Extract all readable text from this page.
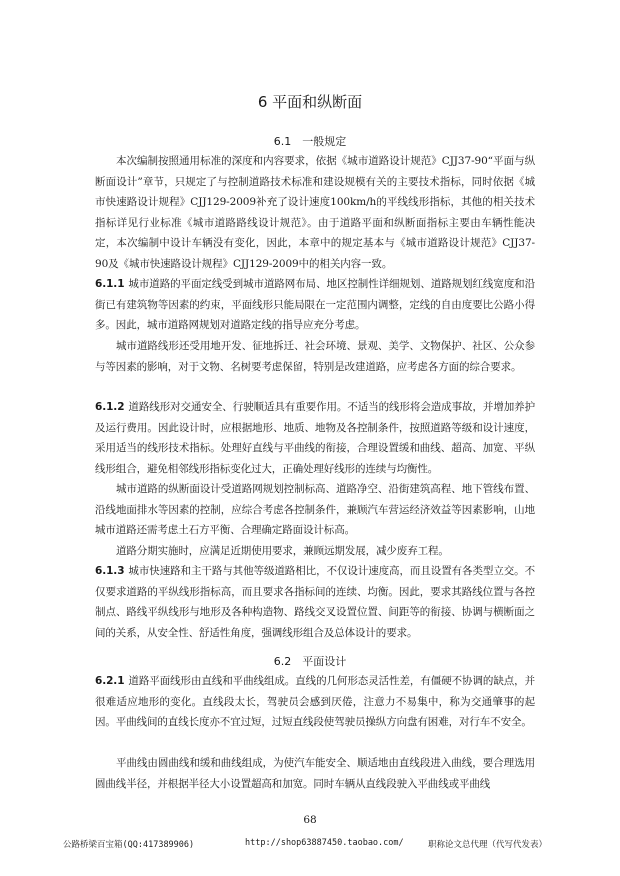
6 平面和纵断面
6.1　一般规定

本次编制按照通用标准的深度和内容要求，依据《城市道路设计规范》CJJ37-90“平面与纵断面设计”章节，只规定了与控制道路技术标准和建设规模有关的主要技术指标，同时依据《城市快速路设计规程》CJJ129-2009补充了设计速度100km/h的平线线形指标，其他的相关技术指标详见行业标准《城市道路路线设计规范》。由于道路平面和纵断面指标主要由车辆性能决定，本次编制中设计车辆没有变化，因此，本章中的规定基本与《城市道路设计规范》CJJ37-90及《城市快速路设计规程》CJJ129-2009中的相关内容一致。

6.1.1 城市道路的平面定线受到城市道路网布局、地区控制性详细规划、道路规划红线宽度和沿街已有建筑物等因素的约束，平面线形只能局限在一定范围内调整，定线的自由度要比公路小得多。因此，城市道路网规划对道路定线的指导应充分考虑。

城市道路线形还受用地开发、征地拆迁、社会环境、景观、美学、文物保护、社区、公众参与等因素的影响，对于文物、名树要考虑保留，特别是改建道路，应考虑各方面的综合要求。

6.1.2 道路线形对交通安全、行驶顺适具有重要作用。不适当的线形将会造成事故，并增加养护及运行费用。因此设计时，应根据地形、地质、地物及各控制条件，按照道路等级和设计速度，采用适当的线形技术指标。处理好直线与平曲线的衔接，合理设置缓和曲线、超高、加宽、平纵线形组合，避免相邻线形指标变化过大，正确处理好线形的连续与均衡性。

城市道路的纵断面设计受道路网规划控制标高、道路净空、沿街建筑高程、地下管线布置、沿线地面排水等因素的控制，应综合考虑各控制条件，兼顾汽车营运经济效益等因素影响，山地城市道路还需考虑土石方平衡、合理确定路面设计标高。

道路分期实施时，应满足近期使用要求，兼顾远期发展，减少废弃工程。

6.1.3 城市快速路和主干路与其他等级道路相比，不仅设计速度高，而且设置有各类型立交。不仅要求道路的平纵线形指标高，而且要求各指标间的连续、均衡。因此，要求其路线位置与各控制点、路线平纵线形与地形及各种构造物、路线交叉设置位置、间距等的衔接、协调与横断面之间的关系，从安全性、舒适性角度，强调线形组合及总体设计的要求。

6.2　平面设计

6.2.1 道路平面线形由直线和平曲线组成。直线的几何形态灵活性差，有僵硬不协调的缺点，并很难适应地形的变化。直线段太长，驾驶员会感到厌倦，注意力不易集中，称为交通肇事的起因。平曲线间的直线长度亦不宜过短，过短直线段使驾驶员操纵方向盘有困难，对行车不安全。

平曲线由圆曲线和缓和曲线组成，为使汽车能安全、顺适地由直线段进入曲线，要合理选用圆曲线半径，并根据半径大小设置超高和加宽。同时车辆从直线段驶入平曲线或平曲线

68
公路桥梁百宝箱(QQ:417389906)	http://shop63887450.taobao.com/	职称论文总代理（代写代发表）
